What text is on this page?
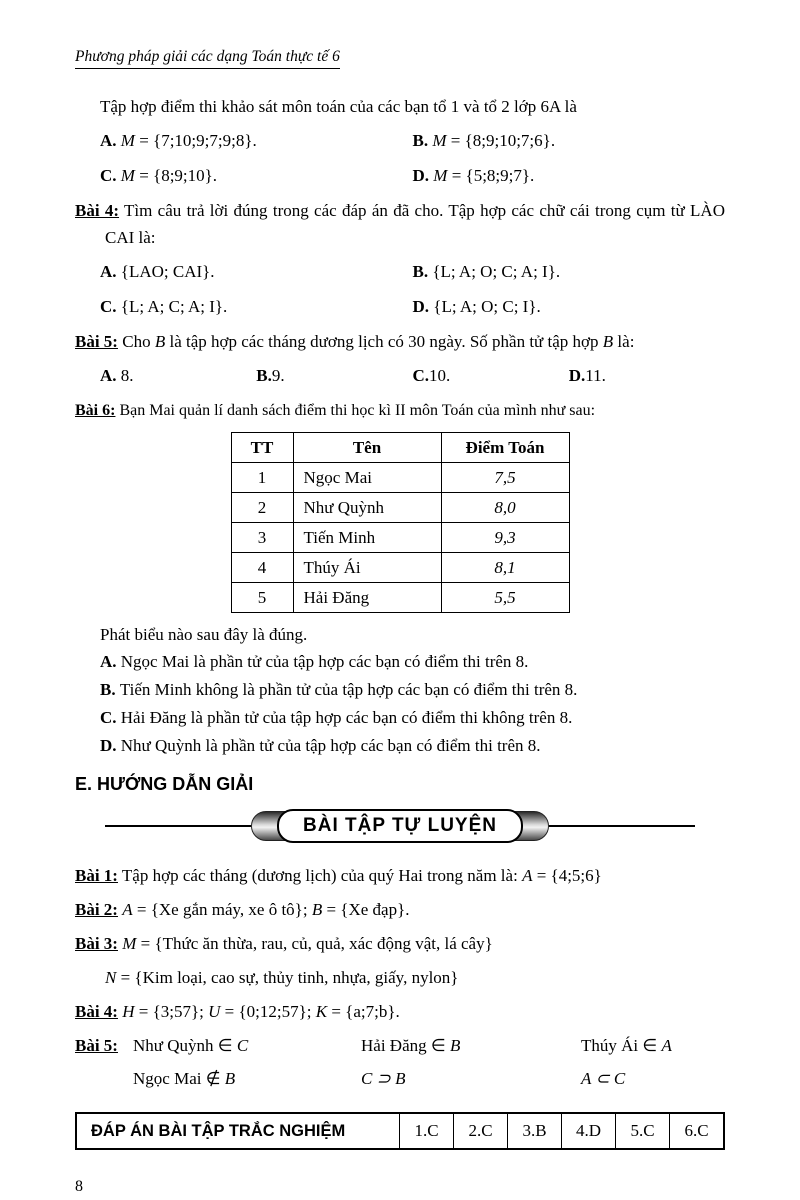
Phương pháp giải các dạng Toán thực tế 6
Tập hợp điểm thi khảo sát môn toán của các bạn tổ 1 và tổ 2 lớp 6A là
A. M = {7;10;9;7;9;8}.	B. M = {8;9;10;7;6}.
C. M = {8;9;10}.	D. M = {5;8;9;7}.
Bài 4: Tìm câu trả lời đúng trong các đáp án đã cho. Tập hợp các chữ cái trong cụm từ LÀO CAI là:
A. {LAO; CAI}.	B. {L; A; O; C; A; I}.
C. {L; A; C; A; I}.	D. {L; A; O; C; I}.
Bài 5: Cho B là tập hợp các tháng dương lịch có 30 ngày. Số phần tử tập hợp B là:
A. 8.	B.9.	C.10.	D.11.
Bài 6: Bạn Mai quản lí danh sách điểm thi học kì II môn Toán của mình như sau:
TT	Tên	Điểm Toán
1	Ngọc Mai	7,5
2	Như Quỳnh	8,0
3	Tiến Minh	9,3
4	Thúy Ái	8,1
5	Hải Đăng	5,5
Phát biểu nào sau đây là đúng.
A. Ngọc Mai là phần tử của tập hợp các bạn có điểm thi trên 8.
B. Tiến Minh không là phần tử của tập hợp các bạn có điểm thi trên 8.
C. Hải Đăng là phần tử của tập hợp các bạn có điểm thi không trên 8.
D. Như Quỳnh là phần tử của tập hợp các bạn có điểm thi trên 8.
E. HƯỚNG DẪN GIẢI
BÀI TẬP TỰ LUYỆN
Bài 1: Tập hợp các tháng (dương lịch) của quý Hai trong năm là: A = {4;5;6}
Bài 2: A = {Xe gắn máy, xe ô tô}; B = {Xe đạp}.
Bài 3: M = {Thức ăn thừa, rau, củ, quả, xác động vật, lá cây}
N = {Kim loại, cao sự, thủy tinh, nhựa, giấy, nylon}
Bài 4: H = {3;57}; U = {0;12;57}; K = {a;7;b}.
Bài 5: Như Quỳnh ∈ C	Hải Đăng ∈ B	Thúy Ái ∈ A
Ngọc Mai ∉ B	C ⊃ B	A ⊂ C
ĐÁP ÁN BÀI TẬP TRẮC NGHIỆM	1.C	2.C	3.B	4.D	5.C	6.C
8
